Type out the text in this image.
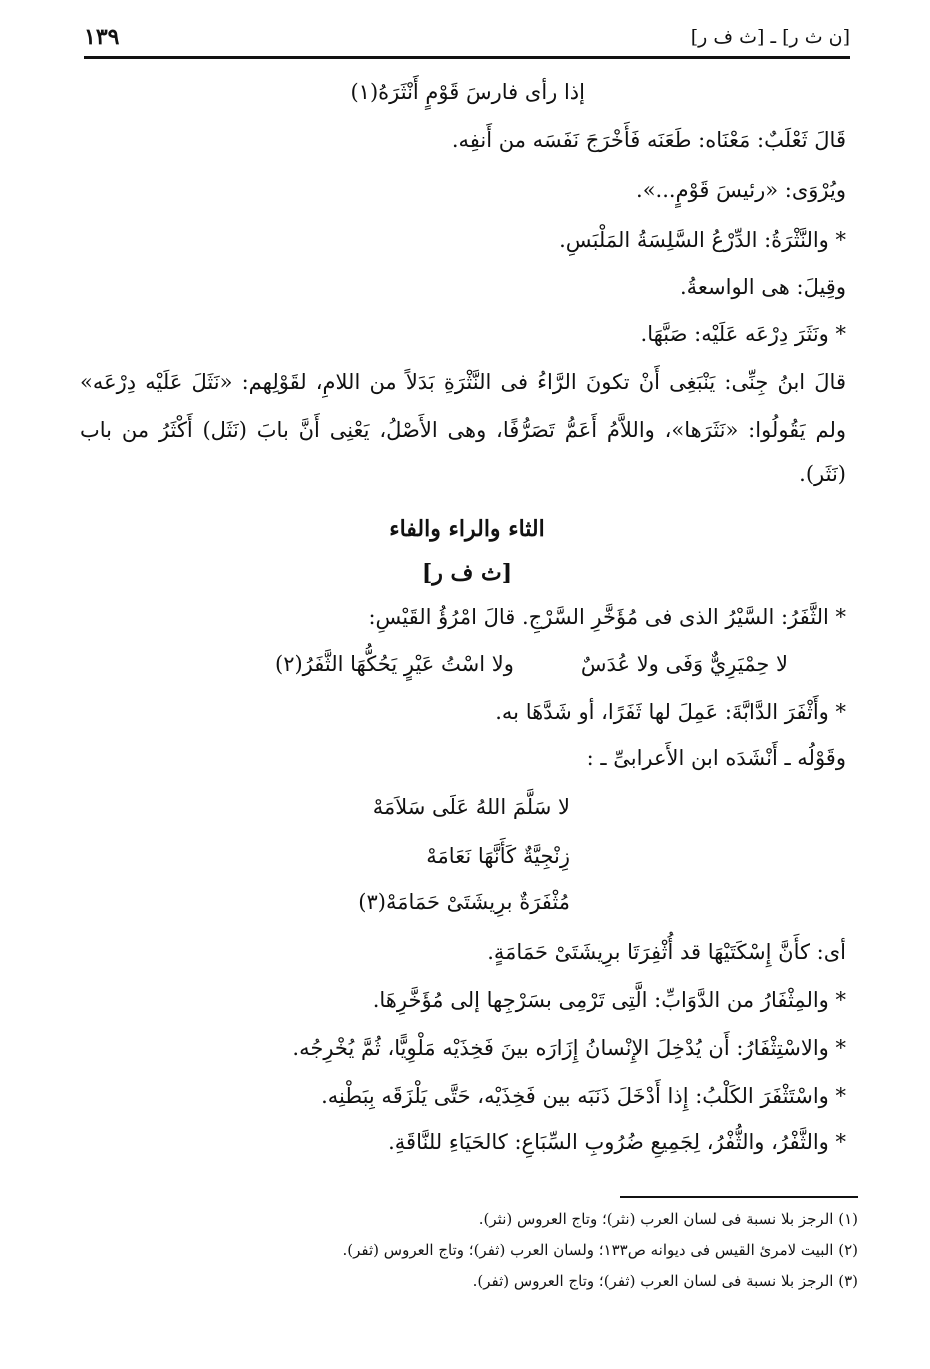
[ن ث ر] ـ [ث ف ر]
١٣٩
إذا رأى فارسَ قَوْمٍ أَنْثَرَهُ(١)
قَالَ ثَعْلَبٌ: مَعْنَاه: طَعَنَه فَأَخْرَجَ نَفَسَه من أَنفِه.
ويُرْوَى: «رئيسَ قَوْمٍ...».
* والنَّثْرَةُ: الدِّرْعُ السَّلِسَةُ المَلْبَسِ.
وقِيلَ: هى الواسعةُ.
* ونَثَرَ دِرْعَه عَلَيْه: صَبَّهَا.
قالَ ابنُ جِنِّى: يَنْبَغِى أَنْ تكونَ الرَّاءُ فى النَّثْرَةِ بَدَلاً من اللامِ، لقَوْلِهم: «نَثَلَ عَلَيْه دِرْعَه»
ولم يَقُولُوا: «نَثَرَها»، واللاَّمُ أَعَمُّ تَصَرُّفًا، وهى الأَصْلُ، يَعْنِى أَنَّ بابَ (نَثَل) أَكْثَرُ من باب
(نَثَر).
الثاء والراء والفاء
[ث ف ر]
* الثَّفَرُ: السَّيْرُ الذى فى مُؤَخَّرِ السَّرْجِ. قالَ امْرُؤُ القَيْسِ:
لا حِمْيَرِيٌّ وَفَى ولا عُدَسٌ
ولا اسْتُ عَيْرٍ يَحُكُّهَا الثَّفَرُ(٢)
* وأَثْفَرَ الدَّابَّةَ: عَمِلَ لها ثَفَرًا، أو شَدَّهَا به.
وقَوْلُه ـ أَنْشَدَه ابن الأَعرابىِّ ـ :
لا سَلَّمَ اللهُ عَلَى سَلاَمَهْ
زِنْجِيَّةٌ كَأَنَّهَا نَعَامَهْ
مُثْفَرَةٌ برِيشَتَىْ حَمَامَهْ(٣)
أى: كأَنَّ إِسْكَتَيْهَا قد أُثْفِرَتَا برِيشَتَىْ حَمَامَةٍ.
* والمِثْفَارُ من الدَّوَابِّ: الَّتِى تَرْمِى بسَرْجِها إلى مُؤَخَّرِهَا.
* والاسْتِثْفَارُ: أَن يُدْخِلَ الإِنْسانُ إِزَارَه بينَ فَخِذَيْه مَلْوِيًّا، ثُمَّ يُخْرِجُه.
* واسْتَثْفَرَ الكَلْبُ: إِذا أَدْخَلَ ذَنَبَه بين فَخِذَيْه، حَتَّى يَلْزَقَه بِبَطْنِه.
* والثَّفْرُ، والثُّفْرُ، لِجَمِيعِ ضُرُوبِ السِّبَاعِ: كالحَيَاءِ للنَّاقَةِ.
(١) الرجز بلا نسبة فى لسان العرب (نثر)؛ وتاج العروس (نثر).
(٢) البيت لامرئ القيس فى ديوانه ص١٣٣؛ ولسان العرب (ثفر)؛ وتاج العروس (ثفر).
(٣) الرجز بلا نسبة فى لسان العرب (ثفر)؛ وتاج العروس (ثفر).
